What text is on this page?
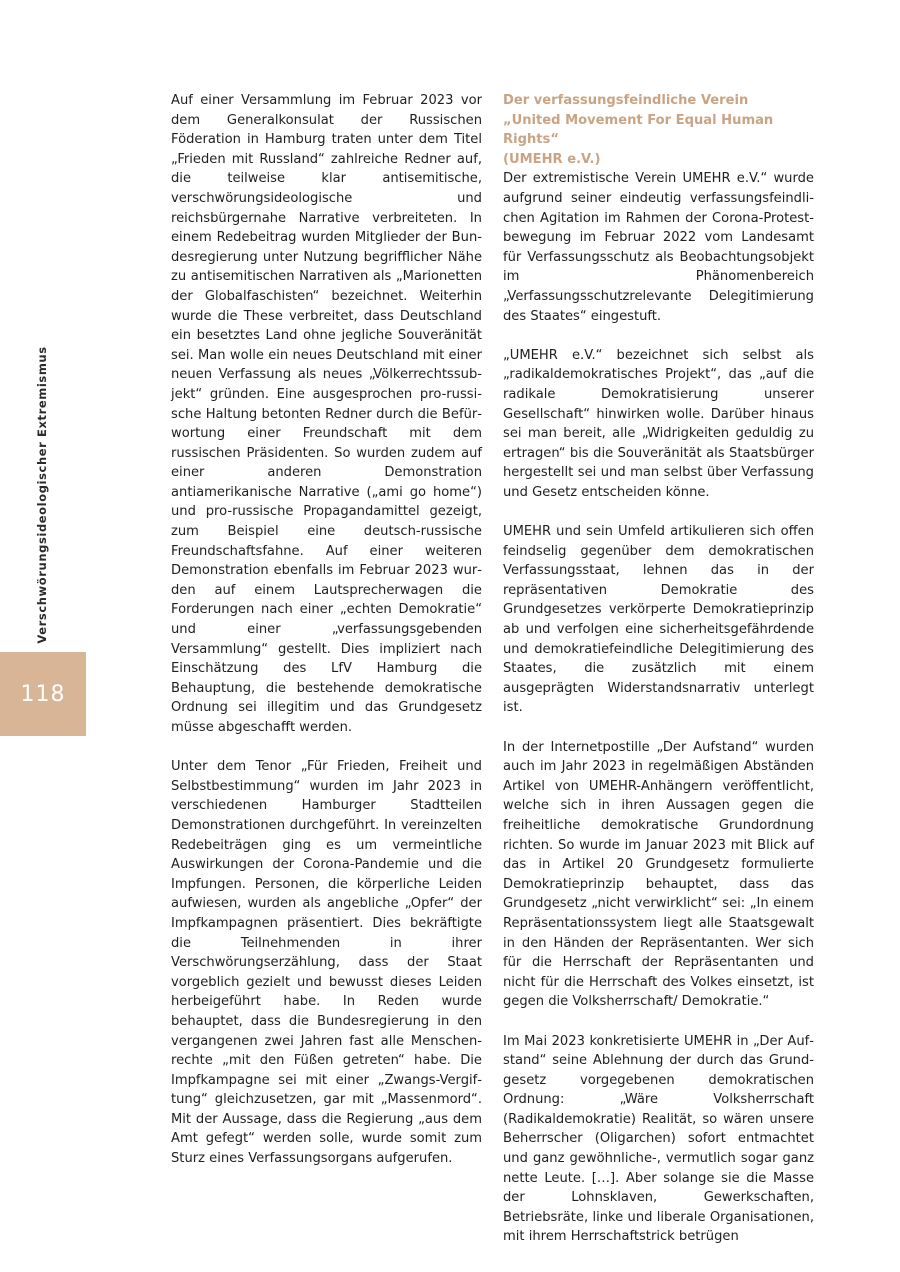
Verschwörungsideologischer Extremismus
118

Auf einer Versammlung im Februar 2023 vor dem Generalkonsulat der Russischen Föderation in Hamburg traten unter dem Titel „Frieden mit Russland“ zahlreiche Redner auf, die teilweise klar antisemitische, verschwörungsideologische und reichsbürgernahe Narrative verbreiteten. In einem Redebeitrag wurden Mitglieder der Bundesregierung unter Nutzung begrifflicher Nähe zu antisemitischen Narrativen als „Marionetten der Globalfaschisten“ bezeichnet. Weiterhin wurde die These verbreitet, dass Deutschland ein besetztes Land ohne jegliche Souveränität sei. Man wolle ein neues Deutschland mit einer neuen Verfassung als neues „Völkerrechtssubjekt“ gründen. Eine ausgesprochen pro-russische Haltung betonten Redner durch die Befürwortung einer Freundschaft mit dem russischen Präsidenten. So wurden zudem auf einer anderen Demonstration antiamerikanische Narrative („ami go home“) und pro-russische Propagandamittel gezeigt, zum Beispiel eine deutsch-russische Freundschaftsfahne. Auf einer weiteren Demonstration ebenfalls im Februar 2023 wurden auf einem Lautsprecherwagen die Forderungen nach einer „echten Demokratie“ und einer „verfassungsgebenden Versammlung“ gestellt. Dies impliziert nach Einschätzung des LfV Hamburg die Behauptung, die bestehende demokratische Ordnung sei illegitim und das Grundgesetz müsse abgeschafft werden.

Unter dem Tenor „Für Frieden, Freiheit und Selbstbestimmung“ wurden im Jahr 2023 in verschiedenen Hamburger Stadtteilen Demonstrationen durchgeführt. In vereinzelten Redebeiträgen ging es um vermeintliche Auswirkungen der Corona-Pandemie und die Impfungen. Personen, die körperliche Leiden aufwiesen, wurden als angebliche „Opfer“ der Impfkampagnen präsentiert. Dies bekräftigte die Teilnehmenden in ihrer Verschwörungserzählung, dass der Staat vorgeblich gezielt und bewusst dieses Leiden herbeigeführt habe. In Reden wurde behauptet, dass die Bundesregierung in den vergangenen zwei Jahren fast alle Menschenrechte „mit den Füßen getreten“ habe. Die Impfkampagne sei mit einer „Zwangs-Vergiftung“ gleichzusetzen, gar mit „Massenmord“. Mit der Aussage, dass die Regierung „aus dem Amt gefegt“ werden solle, wurde somit zum Sturz eines Verfassungsorgans aufgerufen.

Der verfassungsfeindliche Verein
„United Movement For Equal Human Rights“
(UMEHR e.V.)

Der extremistische Verein UMEHR e.V.“ wurde aufgrund seiner eindeutig verfassungsfeindlichen Agitation im Rahmen der Corona-Protestbewegung im Februar 2022 vom Landesamt für Verfassungsschutz als Beobachtungsobjekt im Phänomenbereich „Verfassungsschutzrelevante Delegitimierung des Staates“ eingestuft.

„UMEHR e.V.“ bezeichnet sich selbst als „radikaldemokratisches Projekt“, das „auf die radikale Demokratisierung unserer Gesellschaft“ hinwirken wolle. Darüber hinaus sei man bereit, alle „Widrigkeiten geduldig zu ertragen“ bis die Souveränität als Staatsbürger hergestellt sei und man selbst über Verfassung und Gesetz entscheiden könne.

UMEHR und sein Umfeld artikulieren sich offen feindselig gegenüber dem demokratischen Verfassungsstaat, lehnen das in der repräsentativen Demokratie des Grundgesetzes verkörperte Demokratieprinzip ab und verfolgen eine sicherheitsgefährdende und demokratiefeindliche Delegitimierung des Staates, die zusätzlich mit einem ausgeprägten Widerstandsnarrativ unterlegt ist.

In der Internetpostille „Der Aufstand“ wurden auch im Jahr 2023 in regelmäßigen Abständen Artikel von UMEHR-Anhängern veröffentlicht, welche sich in ihren Aussagen gegen die freiheitliche demokratische Grundordnung richten. So wurde im Januar 2023 mit Blick auf das in Artikel 20 Grundgesetz formulierte Demokratieprinzip behauptet, dass das Grundgesetz „nicht verwirklicht“ sei: „In einem Repräsentationssystem liegt alle Staatsgewalt in den Händen der Repräsentanten. Wer sich für die Herrschaft der Repräsentanten und nicht für die Herrschaft des Volkes einsetzt, ist gegen die Volksherrschaft/ Demokratie.“

Im Mai 2023 konkretisierte UMEHR in „Der Aufstand“ seine Ablehnung der durch das Grundgesetz vorgegebenen demokratischen Ordnung: „Wäre Volksherrschaft (Radikaldemokratie) Realität, so wären unsere Beherrscher (Oligarchen) sofort entmachtet und ganz gewöhnliche-, vermutlich sogar ganz nette Leute. […]. Aber solange sie die Masse der Lohnsklaven, Gewerkschaften, Betriebsräte, linke und liberale Organisationen, mit ihrem Herrschaftstrick betrügen
